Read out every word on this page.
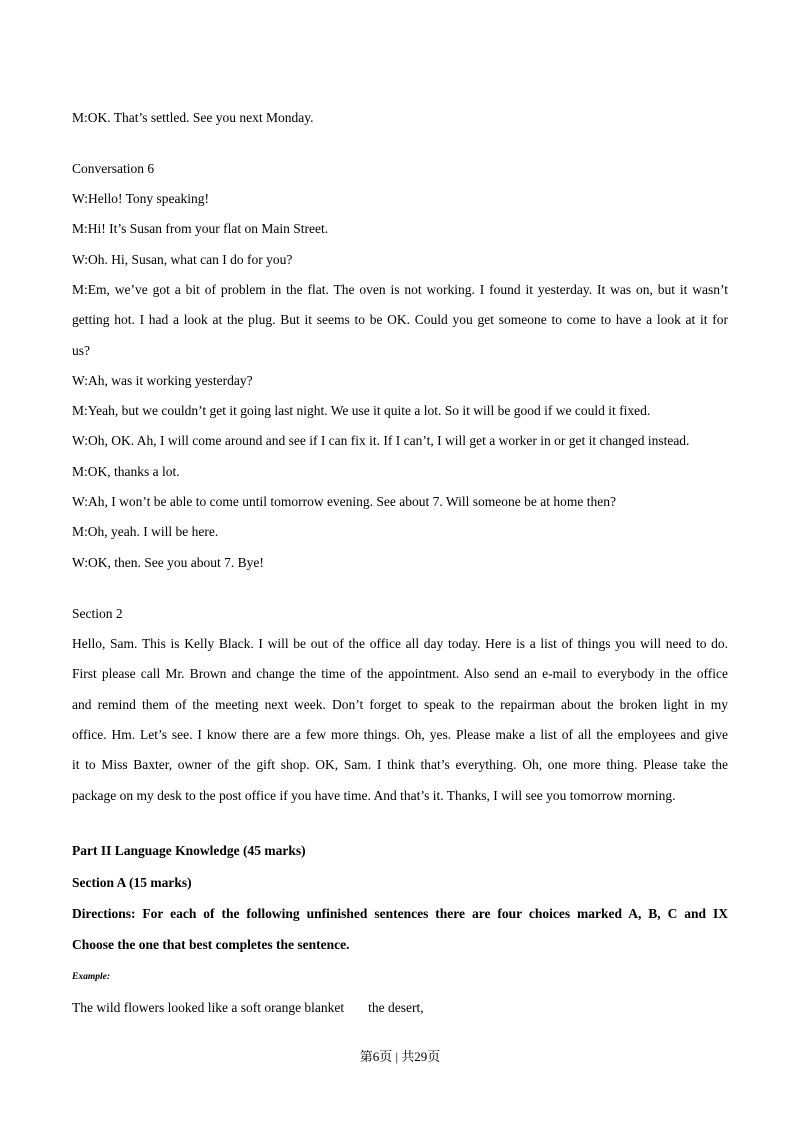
M:OK. That’s settled. See you next Monday.

Conversation 6

W:Hello! Tony speaking!

M:Hi! It’s Susan from your flat on Main Street.

W:Oh. Hi, Susan, what can I do for you?

M:Em, we’ve got a bit of problem in the flat. The oven is not working. I found it yesterday. It was on, but it wasn’t

getting hot. I had a look at the plug. But it seems to be OK. Could you get someone to come to have a look at it for

us?

W:Ah, was it working yesterday?

M:Yeah, but we couldn’t get it going last night. We use it quite a lot. So it will be good if we could it fixed.

W:Oh, OK. Ah, I will come around and see if I can fix it. If I can’t, I will get a worker in or get it changed instead.

M:OK, thanks a lot.

W:Ah, I won’t be able to come until tomorrow evening. See about 7. Will someone be at home then?

M:Oh, yeah. I will be here.

W:OK, then. See you about 7. Bye!

Section 2

Hello, Sam. This is Kelly Black. I will be out of the office all day today. Here is a list of things you will need to do.

First please call Mr. Brown and change the time of the appointment. Also send an e-mail to everybody in the office

and remind them of the meeting next week. Don’t forget to speak to the repairman about the broken light in my

office. Hm. Let’s see. I know there are a few more things. Oh, yes. Please make a list of all the employees and give

it to Miss Baxter, owner of the gift shop. OK, Sam. I think that’s everything. Oh, one more thing. Please take the

package on my desk to the post office if you have time. And that’s it. Thanks, I will see you tomorrow morning.

Part II Language Knowledge (45 marks)

Section A (15 marks)

Directions: For each of the following unfinished sentences there are four choices marked A, B, C and IX

Choose the one that best completes the sentence.

Example:

The wild flowers looked like a soft orange blanket the desert,

第6页 | 共29页
